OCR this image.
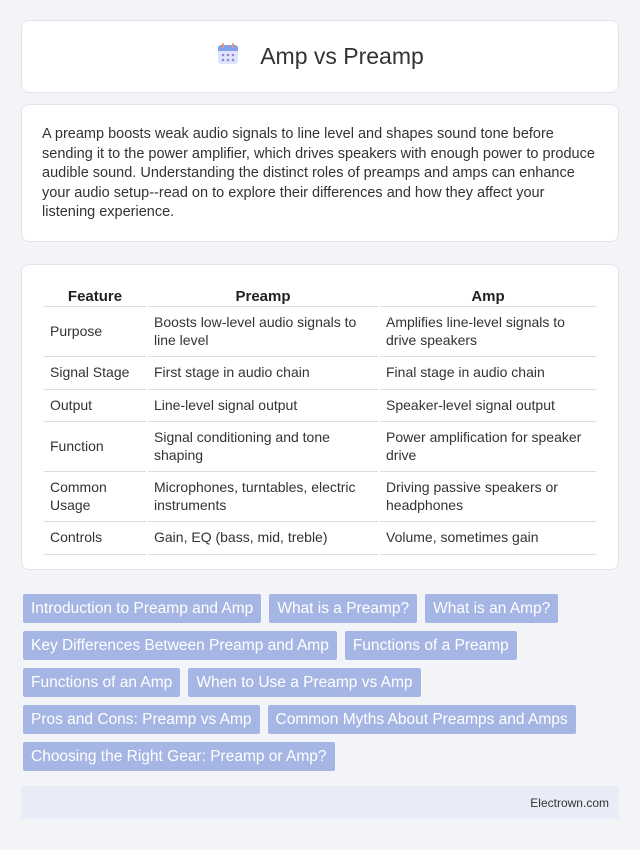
Amp vs Preamp

A preamp boosts weak audio signals to line level and shapes sound tone before sending it to the power amplifier, which drives speakers with enough power to produce audible sound. Understanding the distinct roles of preamps and amps can enhance your audio setup--read on to explore their differences and how they affect your listening experience.

Feature	Preamp	Amp
Purpose	Boosts low-level audio signals to line level	Amplifies line-level signals to drive speakers
Signal Stage	First stage in audio chain	Final stage in audio chain
Output	Line-level signal output	Speaker-level signal output
Function	Signal conditioning and tone shaping	Power amplification for speaker drive
Common Usage	Microphones, turntables, electric instruments	Driving passive speakers or headphones
Controls	Gain, EQ (bass, mid, treble)	Volume, sometimes gain
Introduction to Preamp and Amp	What is a Preamp?	What is an Amp?
Key Differences Between Preamp and Amp	Functions of a Preamp
Functions of an Amp	When to Use a Preamp vs Amp
Pros and Cons: Preamp vs Amp	Common Myths About Preamps and Amps
Choosing the Right Gear: Preamp or Amp?
Electrown.com
